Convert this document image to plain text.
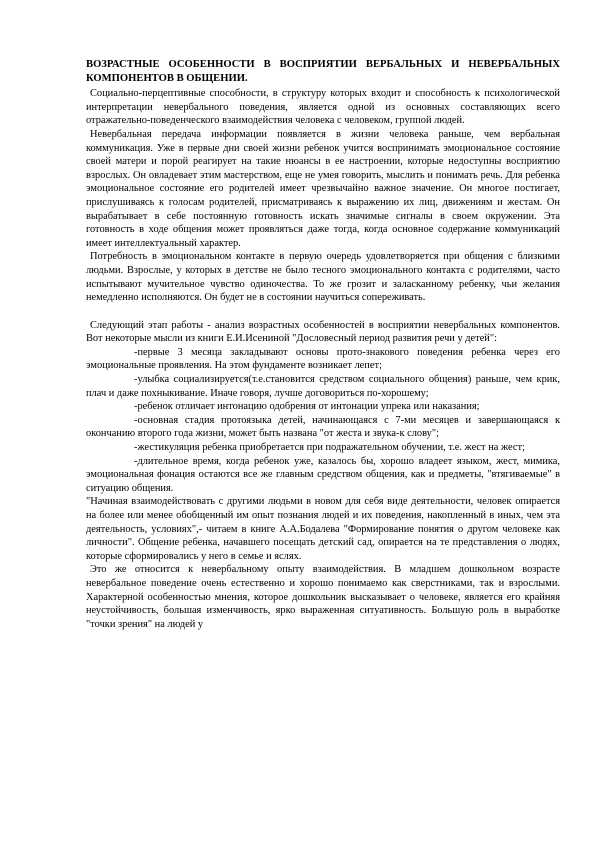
ВОЗРАСТНЫЕ ОСОБЕННОСТИ В ВОСПРИЯТИИ ВЕРБАЛЬНЫХ И НЕВЕРБАЛЬНЫХ КОМПОНЕНТОВ В ОБЩЕНИИ.

Социально-перцептивные способности, в структуру которых входит и способность к психологической интерпретации невербального поведения, является одной из основных составляющих всего отражательно-поведенческого взаимодействия человека с человеком, группой людей.

Невербальная передача информации появляется в жизни человека раньше, чем вербальная коммуникация. Уже в первые дни своей жизни ребенок учится воспринимать эмоциональное состояние своей матери и порой реагирует на такие нюансы в ее настроении, которые недоступны восприятию взрослых. Он овладевает этим мастерством, еще не умея говорить, мыслить и понимать речь. Для ребенка эмоциональное состояние его родителей имеет чрезвычайно важное значение. Он многое постигает, прислушиваясь к голосам родителей, присматриваясь к выражению их лиц, движениям и жестам. Он вырабатывает в себе постоянную готовность искать значимые сигналы в своем окружении. Эта готовность в ходе общения может проявляться даже тогда, когда основное содержание коммуникаций имеет интеллектуальный характер.

Потребность в эмоциональном контакте в первую очередь удовлетворяется при общения с близкими людьми. Взрослые, у которых в детстве не было тесного эмоционального контакта с родителями, часто испытывают мучительное чувство одиночества. То же грозит и заласканному ребенку, чьи желания немедленно исполняются. Он будет не в состоянии научиться сопереживать.

Следующий этап работы - анализ возрастных особенностей в восприятии невербальных компонентов. Вот некоторые мысли из книги Е.И.Исениной "Дословесный период развития речи у детей":

-первые 3 месяца закладывают основы прото-знакового поведения ребенка через его эмоциональные проявления. На этом фундаменте возникает лепет;

-улыбка социализируется(т.е.становится средством социального общения) раньше, чем крик, плач и даже похныкивание. Иначе говоря, лучше договориться по-хорошему;

-ребенок отличает интонацию одобрения от интонации упрека или наказания;

-основная стадия протоязыка детей, начинающаяся с 7-ми месяцев и завершающаяся к окончанию второго года жизни, может быть названа "от жеста и звука-к слову";

-жестикуляция ребенка приобретается при подражательном обучении, т.е. жест на жест;

-длительное время, когда ребенок уже, казалось бы, хорошо владеет языком, жест, мимика, эмоциональная фонация остаются все же главным средством общения, как и предметы, "втягиваемые" в ситуацию общения.

"Начиная взаимодействовать с другими людьми в новом для себя виде деятельности, человек опирается на более или менее обобщенный им опыт познания людей и их поведения, накопленный в иных, чем эта деятельность, условиях",- читаем в книге А.А.Бодалева "Формирование понятия о другом человеке как личности". Общение ребенка, начавшего посещать детский сад, опирается на те представления о людях, которые сформировались у него в семье и яслях.

Это же относится к невербальному опыту взаимодействия. В младшем дошкольном возрасте невербальное поведение очень естественно и хорошо понимаемо как сверстниками, так и взрослыми. Характерной особенностью мнения, которое дошкольник высказывает о человеке, является его крайняя неустойчивость, большая изменчивость, ярко выраженная ситуативность. Большую роль в выработке "точки зрения" на людей у
